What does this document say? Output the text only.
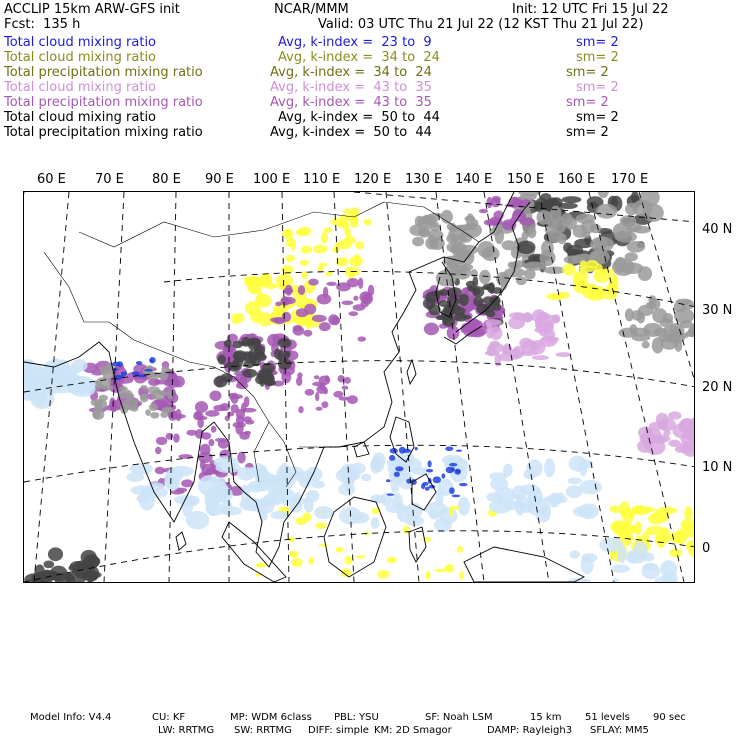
ACCLIP 15km ARW-GFS init	NCAR/MMM	Init: 12 UTC Fri 15 Jul 22
Fcst:  135 h	Valid: 03 UTC Thu 21 Jul 22 (12 KST Thu 21 Jul 22)
Total cloud mixing ratio	Avg, k-index =  23 to  9	sm= 2
Total cloud mixing ratio	Avg, k-index =  34 to  24	sm= 2
Total precipitation mixing ratio	Avg, k-index =  34 to  24	sm= 2
Total cloud mixing ratio	Avg, k-index =  43 to  35	sm= 2
Total precipitation mixing ratio	Avg, k-index =  43 to  35	sm= 2
Total cloud mixing ratio	Avg, k-index =  50 to  44	sm= 2
Total precipitation mixing ratio	Avg, k-index =  50 to  44	sm= 2
60 E 70 E 80 E 90 E 100 E 110 E 120 E 130 E 140 E 150 E 160 E 170 E
40 N
30 N
20 N
10 N
0
Model Info: V4.4	CU: KF	MP: WDM 6class PBL: YSU	SF: Noah LSM	15 km 51 levels 90 sec
LW: RRTMG SW: RRTMG DIFF: simple KM: 2D Smagor	DAMP: Rayleigh3 SFLAY: MM5
